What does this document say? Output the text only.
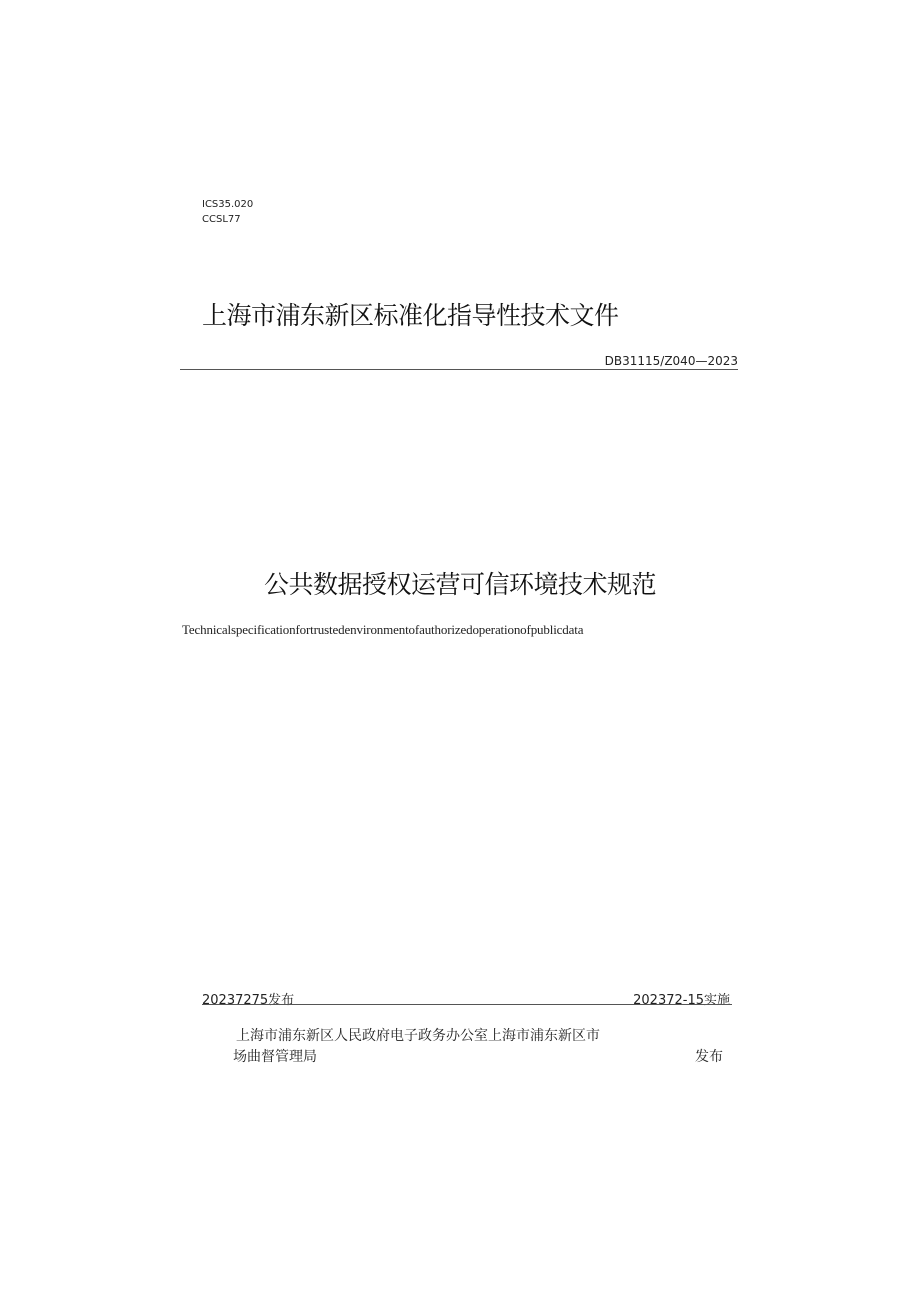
ICS35.020
CCSL77
上海市浦东新区标准化指导性技术文件
DB31115/Z040—2023
公共数据授权运营可信环境技术规范
Technicalspecificationfortrustedenvironmentofauthorizedoperationofpublicdata
20237275发布	202372-15实施
上海市浦东新区人民政府电子政务办公室上海市浦东新区市
场曲督管理局	发布
